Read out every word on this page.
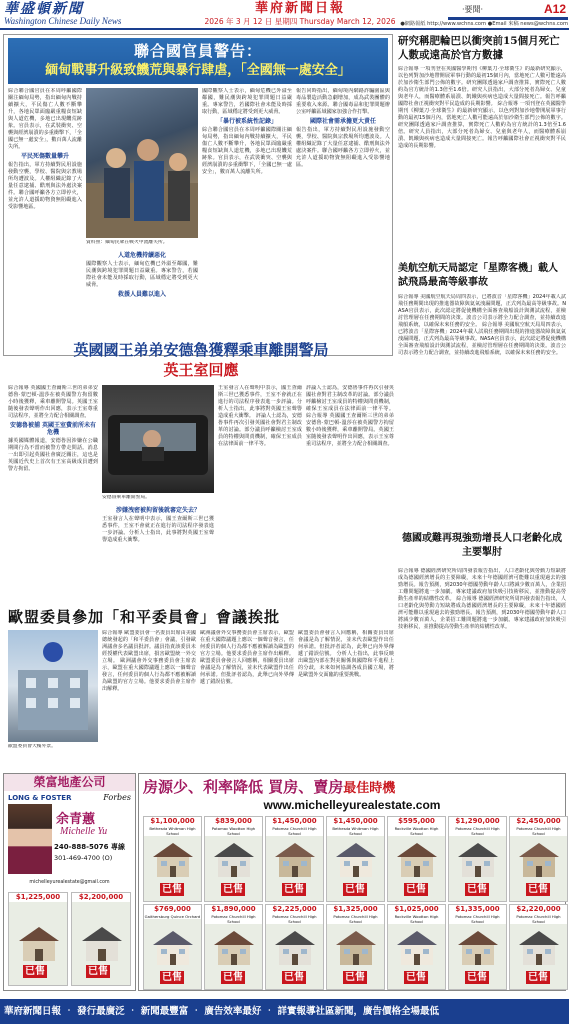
華盛頓新聞
Washington Chinese Daily News
華府新聞日報
2026 年 3 月 12 日 星期四 Thursday March 12, 2026
‧要聞‧	A12
●網路報紙 http://www.wchns.com ●Email 來稿 news@wchns.com
聯合國官員警告：
緬甸戰事升級致饑荒與暴行肆虐，「全國無一處安全」
綜合聯合國官員在本周呼籲國際關注緬甸局勢，指出緬甸內戰持續擴大，平民傷亡人數不斷攀升，各地民眾面臨嚴重糧食短缺與人道危機，多地已出現饑荒跡象。官員表示，在武裝衝突、空襲與經濟崩潰的多重衝擊下，「全國已無一處安全」，數百萬人流離失所。
平民死傷數量攀升
報告指出，軍方持續對民用設施發動空襲，學校、醫院與宗教場所均遭波及。人權組織記錄了大量任意逮捕、酷刑與法外處決案件。聯合國呼籲各方立即停火，並允許人道援助物資無阻礙進入受影響地區。
資料照：緬甸民眾在戰火中流離失所。
人道危機持續惡化
國際觀察人士表示，緬甸危機已外溢至鄰國，難民潮與跨境犯罪問題日益嚴重。專家警告，若國際社會未能及時採取行動，區域穩定將受到更大威脅。
救援人員難以進入
國際觀察人士表示，緬甸危機已外溢至鄰國，難民潮與跨境犯罪問題日益嚴重。專家警告，若國際社會未能及時採取行動，區域穩定將受到更大威脅。
「暴行被系統性記錄」
綜合聯合國官員在本周呼籲國際關注緬甸局勢，指出緬甸內戰持續擴大，平民傷亡人數不斷攀升，各地民眾面臨嚴重糧食短缺與人道危機，多地已出現饑荒跡象。官員表示，在武裝衝突、空襲與經濟崩潰的多重衝擊下，「全國已無一處安全」，數百萬人流離失所。
報告同時指出，緬甸境內網路詐騙園區與毒品製造活動急劇增加，成為武裝團體的重要收入來源。聯合國毒品和犯罪問題辦公室呼籲區域國家加強合作打擊。
國際社會需承擔更大責任
報告指出，軍方持續對民用設施發動空襲，學校、醫院與宗教場所均遭波及。人權組織記錄了大量任意逮捕、酷刑與法外處決案件。聯合國呼籲各方立即停火，並允許人道援助物資無阻礙進入受影響地區。
英國國王弟弟安德魯獲釋乘車離開警局
英王室回應
綜合報導 英國國王查爾斯三世的弟弟安德魯·蒙巴頓-溫莎在被英國警方拘留數小時後獲釋，乘車離開警局。英國王室隨後發表聲明作出回應，表示王室尊重司法程序，並將全力配合相關調查。
安德魯被捕 英國王室費前所未有危機
據英國媒體報道，安德魯因涉嫌在公職期間行為不當而被警方帶走問話。消息一出即引起英國社會廣泛關注，這也是英國近代史上首次有王室高級成員遭到警方拘留。
安德魯乘車離開警局。
涉嫌洩密被拘留後就審定失去？
王室發言人在聲明中表示，國王查爾斯三世已獲悉事件，王室不會就正在進行的司法程序發表進一步評論。分析人士指出，此事將對英國王室聲譽造成重大衝擊。
王室發言人在聲明中表示，國王查爾斯三世已獲悉事件，王室不會就正在進行的司法程序發表進一步評論。分析人士指出，此事將對英國王室聲譽造成重大衝擊。 評論人士認為，安德魯事件再次引發英國社會對君主制改革的討論。部分議員呼籲檢討王室成員的特權與問責機制，確保王室成員在法律面前一律平等。
評論人士認為，安德魯事件再次引發英國社會對君主制改革的討論。部分議員呼籲檢討王室成員的特權與問責機制，確保王室成員在法律面前一律平等。 綜合報導 英國國王查爾斯三世的弟弟安德魯·蒙巴頓-溫莎在被英國警方拘留數小時後獲釋，乘車離開警局。英國王室隨後發表聲明作出回應，表示王室尊重司法程序，並將全力配合相關調查。
歐盟委員參加「和平委員會」會議挨批
歐盟委員會大樓外景。
綜合報導 歐盟委員會一名委員出席由美國總統發起的「和平委員會」會議，引發歐洲議會多名議員批評。議員指責該委員未經授權代表歐盟出席，損害歐盟統一外交立場。 歐洲議會外交事務委員會主席表示，歐盟在重大國際議題上應以一個聲音發言，任何委員的個人行為都不應被解讀為歐盟的官方立場。他要求委員會主席作出解釋。
歐洲議會外交事務委員會主席表示，歐盟在重大國際議題上應以一個聲音發言，任何委員的個人行為都不應被解讀為歐盟的官方立場。他要求委員會主席作出解釋。 歐盟委員會發言人回應稱，相關委員出席會議是為了解情況，並未代表歐盟作出任何承諾。但批評者認為，此舉已向外界傳遞了錯誤信號。
歐盟委員會發言人回應稱，相關委員出席會議是為了解情況，並未代表歐盟作出任何承諾。但批評者認為，此舉已向外界傳遞了錯誤信號。 分析人士指出，此事反映出歐盟內部在對美關係與國際和平進程上的分歧，未來如何協調各成員國立場，將是歐盟外交面臨的重要挑戰。
研究稱肥輪巴以衝突前15個月死亡人數或遠高於官方數據
綜合報導 一項刊登在英國醫學期刊《柳葉刀·全球衛生》的最新研究顯示，以色列對加沙地帶開展軍事行動的最初15個月內，當地死亡人數可能遠高於加沙衛生部門公佈的數字。研究團隊透過家戶調查推算，實際死亡人數約為官方統計的1.3倍至1.6倍。研究人員指出，大部分死者為婦女、兒童與老年人，而醫療體系崩潰、飢餓與疾病也造成大量間接死亡。報告呼籲國際社會正視衝突對平民造成的長期影響。 綜合報導 一項刊登在英國醫學期刊《柳葉刀·全球衛生》的最新研究顯示，以色列對加沙地帶開展軍事行動的最初15個月內，當地死亡人數可能遠高於加沙衛生部門公佈的數字。研究團隊透過家戶調查推算，實際死亡人數約為官方統計的1.3倍至1.6倍。研究人員指出，大部分死者為婦女、兒童與老年人，而醫療體系崩潰、飢餓與疾病也造成大量間接死亡。報告呼籲國際社會正視衝突對平民造成的長期影響。
美航空航天局認定「星際客機」載人試飛爲最高等級事故
綜合報導 美國航空航天局周四表示，已將波音「星際客機」2024年載人試飛任務期間出現的推進器故障與氦氣洩漏問題，正式列為最高等級事故。NASA官員表示，此次認定將促使機構全面審查飛船設計與測試流程，並檢討管理層在任務期間的決策。波音公司表示將全力配合調查，並持續改進飛船系統，以確保未來任務的安全。 綜合報導 美國航空航天局周四表示，已將波音「星際客機」2024年載人試飛任務期間出現的推進器故障與氦氣洩漏問題，正式列為最高等級事故。NASA官員表示，此次認定將促使機構全面審查飛船設計與測試流程，並檢討管理層在任務期間的決策。波音公司表示將全力配合調查，並持續改進飛船系統，以確保未來任務的安全。
德國或難再現強勁增長人口老齡化成主要掣肘
綜合報導 德國經濟研究所周四發表報告指出，人口老齡化與勞動力短缺將成為德國經濟增長的主要障礙，未來十年德國經濟可能難以重現過去的強勁增長。報告預測，到2030年德國勞動年齡人口將減少數百萬人，企業招工難問題將進一步加劇。專家建議政府加快吸引技術移民，並推動提高勞動生產率的結構性改革。 綜合報導 德國經濟研究所周四發表報告指出，人口老齡化與勞動力短缺將成為德國經濟增長的主要障礙，未來十年德國經濟可能難以重現過去的強勁增長。報告預測，到2030年德國勞動年齡人口將減少數百萬人，企業招工難問題將進一步加劇。專家建議政府加快吸引技術移民，並推動提高勞動生產率的結構性改革。
榮富地產公司
LONG & FOSTER	Forbes
余青蕙
Michelle Yu
240-888-5076 專線
301-469-4700 (O)
michelleyurealestate@gmail.com
$1,225,000
已售
$2,200,000
已售
房源少、利率降低 買房、賣房最佳時機
www.michelleyurealestate.com
$1,100,000
Bethesda Whitman High School
已售
$839,000
Potomac Wootton High School
已售
$1,450,000
Potomac Churchill High School
已售
$1,450,000
Bethesda Whitman High School
已售
$595,000
Rockville Wootton High School
已售
$1,290,000
Potomac Churchill High School
已售
$2,450,000
Potomac Churchill High School
已售
$769,000
Gaithersburg Quince Orchard
已售
$1,890,000
Potomac Churchill High School
已售
$2,225,000
Potomac Churchill High School
已售
$1,325,000
Potomac Churchill High School
已售
$1,025,000
Rockville Wootton High School
已售
$1,335,000
Potomac Churchill High School
已售
$2,220,000
Potomac Churchill High School
已售
華府新聞日報 ‧ 發行最廣泛 ‧ 新聞最豐富 ‧ 廣告效率最好 ‧ 詳實報導社區新聞，廣告價格全場最低
